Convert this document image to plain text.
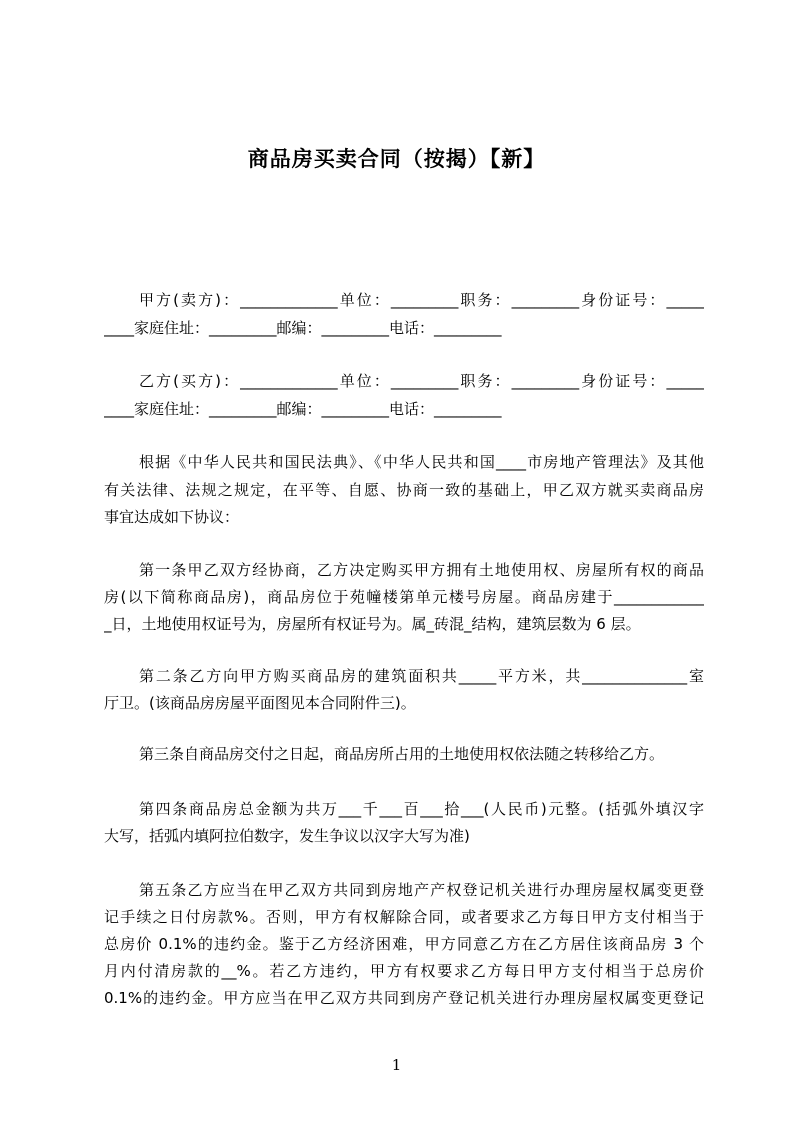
商品房买卖合同（按揭）【新】
甲方(卖方)：_____________单位：_________职务：_________身份证号：_____
____家庭住址：_________邮编：_________电话：_________
乙方(买方)：_____________单位：_________职务：_________身份证号：_____
____家庭住址：_________邮编：_________电话：_________
根据《中华人民共和国民法典》、《中华人民共和国____市房地产管理法》及其他
有关法律、法规之规定，在平等、自愿、协商一致的基础上，甲乙双方就买卖商品房
事宜达成如下协议：
第一条甲乙双方经协商，乙方决定购买甲方拥有土地使用权、房屋所有权的商品
房(以下简称商品房)，商品房位于苑幢楼第单元楼号房屋。商品房建于____________
_日，土地使用权证号为，房屋所有权证号为。属_砖混_结构，建筑层数为 6 层。
第二条乙方向甲方购买商品房的建筑面积共_____平方米，共______________室
厅卫。(该商品房房屋平面图见本合同附件三)。
第三条自商品房交付之日起，商品房所占用的土地使用权依法随之转移给乙方。
第四条商品房总金额为共万___千___百___拾___(人民币)元整。(括弧外填汉字
大写，括弧内填阿拉伯数字，发生争议以汉字大写为准)
第五条乙方应当在甲乙双方共同到房地产产权登记机关进行办理房屋权属变更登
记手续之日付房款%。否则，甲方有权解除合同，或者要求乙方每日甲方支付相当于
总房价 0.1%的违约金。鉴于乙方经济困难，甲方同意乙方在乙方居住该商品房 3 个
月内付清房款的__%。若乙方违约，甲方有权要求乙方每日甲方支付相当于总房价
0.1%的违约金。甲方应当在甲乙双方共同到房产登记机关进行办理房屋权属变更登记
1
